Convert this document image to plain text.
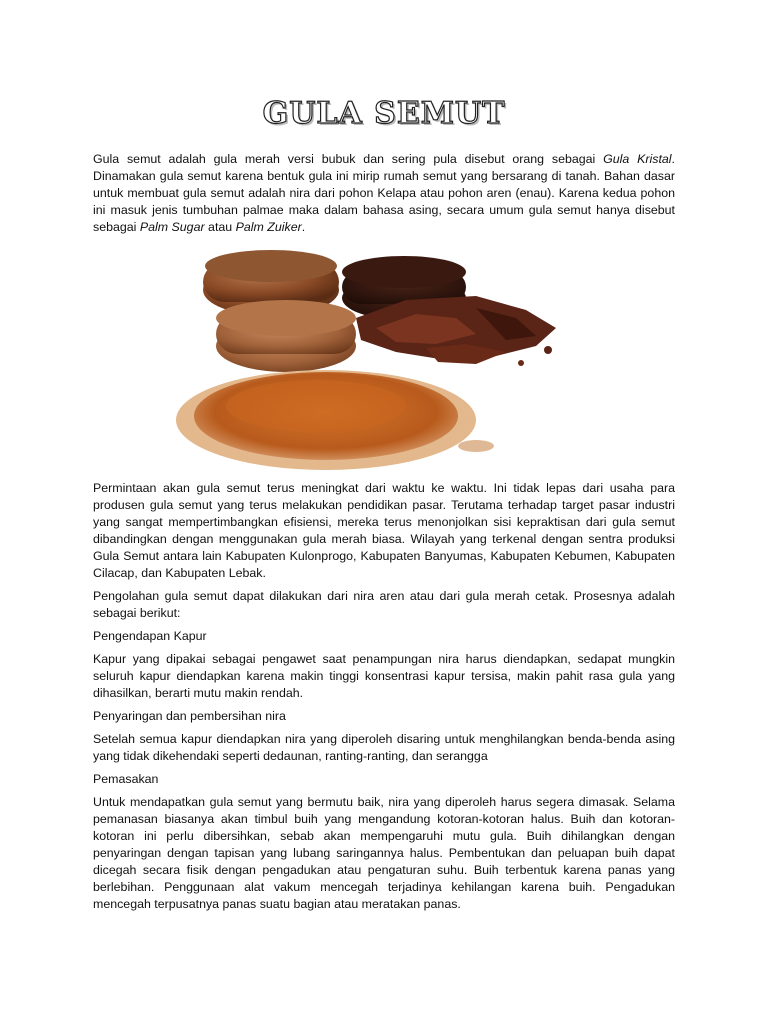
GULA SEMUT

Gula semut adalah gula merah versi bubuk dan sering pula disebut orang sebagai Gula Kristal. Dinamakan gula semut karena bentuk gula ini mirip rumah semut yang bersarang di tanah. Bahan dasar untuk membuat gula semut adalah nira dari pohon Kelapa atau pohon aren (enau). Karena kedua pohon ini masuk jenis tumbuhan palmae maka dalam bahasa asing, secara umum gula semut hanya disebut sebagai Palm Sugar atau Palm Zuiker.

Permintaan akan gula semut terus meningkat dari waktu ke waktu. Ini tidak lepas dari usaha para produsen gula semut yang terus melakukan pendidikan pasar. Terutama terhadap target pasar industri yang sangat mempertimbangkan efisiensi, mereka terus menonjolkan sisi kepraktisan dari gula semut dibandingkan dengan menggunakan gula merah biasa. Wilayah yang terkenal dengan sentra produksi Gula Semut antara lain Kabupaten Kulonprogo, Kabupaten Banyumas, Kabupaten Kebumen, Kabupaten Cilacap, dan Kabupaten Lebak.

Pengolahan gula semut dapat dilakukan dari nira aren atau dari gula merah cetak. Prosesnya adalah sebagai berikut:

Pengendapan Kapur

Kapur yang dipakai sebagai pengawet saat penampungan nira harus diendapkan, sedapat mungkin seluruh kapur diendapkan karena makin tinggi konsentrasi kapur tersisa, makin pahit rasa gula yang dihasilkan, berarti mutu makin rendah.

Penyaringan dan pembersihan nira

Setelah semua kapur diendapkan nira yang diperoleh disaring untuk menghilangkan benda-benda asing yang tidak dikehendaki seperti dedaunan, ranting-ranting, dan serangga

Pemasakan

Untuk mendapatkan gula semut yang bermutu baik, nira yang diperoleh harus segera dimasak. Selama pemanasan biasanya akan timbul buih yang mengandung kotoran-kotoran halus. Buih dan kotoran-kotoran ini perlu dibersihkan, sebab akan mempengaruhi mutu gula. Buih dihilangkan dengan penyaringan dengan tapisan yang lubang saringannya halus. Pembentukan dan peluapan buih dapat dicegah secara fisik dengan pengadukan atau pengaturan suhu. Buih terbentuk karena panas yang berlebihan. Penggunaan alat vakum mencegah terjadinya kehilangan karena buih. Pengadukan mencegah terpusatnya panas suatu bagian atau meratakan panas.
